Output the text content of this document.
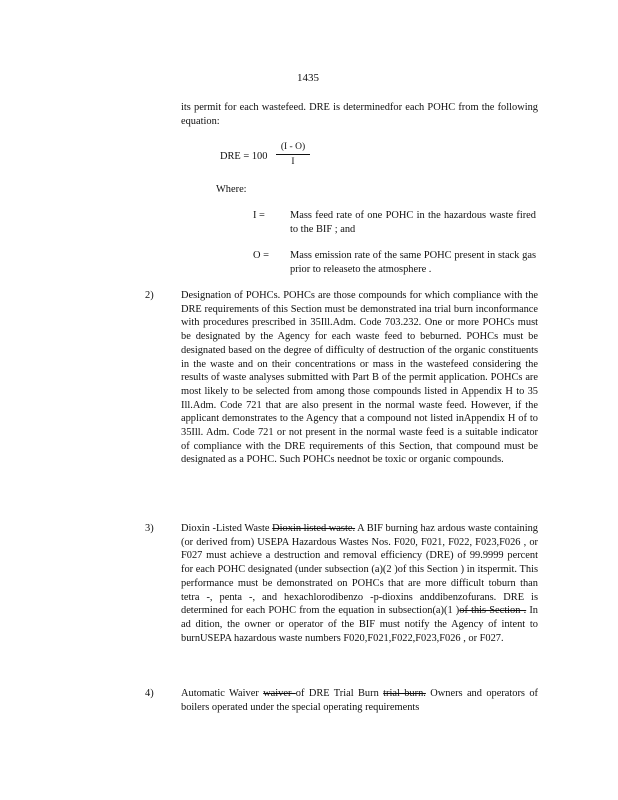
1435

its permit for each wastefeed. DRE is determinedfor each POHC from the following equation:

DRE = $100 \frac{(I - O)}{I}$
Where:
I =	Mass feed rate of one POHC in the hazardous waste fired to the BIF ; and
O =	Mass emission rate of the same POHC present in stack gas prior to releaseto the atmosphere .
2)	Designation of POHCs. POHCs are those compounds for which compliance with the DRE requirements of this Section must be demonstrated ina trial burn inconformance with procedures prescribed in 35Ill.Adm. Code 703.232. One or more POHCs must be designated by the Agency for each waste feed to beburned. POHCs must be designated based on the degree of difficulty of destruction of the organic constituents in the waste and on their concentrations or mass in the wastefeed considering the results of waste analyses submitted with Part B of the permit application. POHCs are most likely to be selected from among those compounds listed in Appendix H to 35 Ill.Adm. Code 721 that are also present in the normal waste feed. However, if the applicant demonstrates to the Agency that a compound not listed inAppendix H of to 35Ill. Adm. Code 721 or not present in the normal waste feed is a suitable indicator of compliance with the DRE requirements of this Section, that compound must be designated as a POHC. Such POHCs neednot be toxic or organic compounds.

3)	Dioxin -Listed Waste Dioxin listed waste. A BIF burning haz ardous waste containing (or derived from) USEPA Hazardous Wastes Nos. F020, F021, F022, F023,F026 , or F027 must achieve a destruction and removal efficiency (DRE) of 99.9999 percent for each POHC designated (under subsection (a)(2 )of this Section ) in itspermit. This performance must be demonstrated on POHCs that are more difficult toburn than tetra -, penta -, and hexachlorodibenzo -p-dioxins anddibenzofurans. DRE is determined for each POHC from the equation in subsection(a)(1 )of this Section . In ad dition, the owner or operator of the BIF must notify the Agency of intent to burnUSEPA hazardous waste numbers F020,F021,F022,F023,F026 , or F027.

4)	Automatic Waiver waiver of DRE Trial Burn trial burn. Owners and operators of boilers operated under the special operating requirements
